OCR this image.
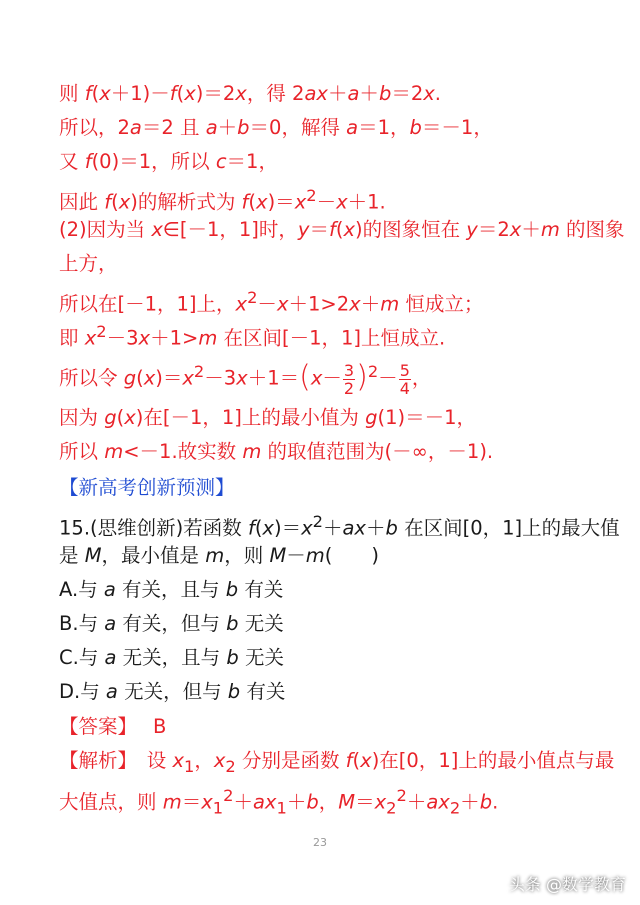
则 f(x＋1)－f(x)＝2x，得 2ax＋a＋b＝2x.
所以，2a＝2 且 a＋b＝0，解得 a＝1，b＝－1，
又 f(0)＝1，所以 c＝1，
因此 f(x)的解析式为 $f(x)=x^2-x+1$.
(2)因为当 x∈[－1，1]时，y＝f(x)的图象恒在 y＝2x＋m 的图象
上方，
所以在[－1，1]上，$x^2-x+1>2x+m$ 恒成立；
即 $x^2-3x+1>m$ 在区间[－1，1]上恒成立.
所以令 $g(x)=x^2-3x+1=(x- \frac{3}{2} )^2- \frac{5}{4}$ ，
因为 g(x)在[－1，1]上的最小值为 g(1)＝－1，
所以 m<－1.故实数 m 的取值范围为(－∞，－1).
【新高考创新预测】
15.(思维创新)若函数 $f(x)=x^2+ax+b$ 在区间[0，1]上的最大值
是 M，最小值是 m，则 M－m(　　)
A.与 a 有关，且与 b 有关
B.与 a 有关，但与 b 无关
C.与 a 无关，且与 b 无关
D.与 a 无关，但与 b 有关
【答案】　 B
【解析】　设 $x_1$，$x_2$ 分别是函数 f(x)在[0，1]上的最小值点与最
大值点，则 $m=x_1^2+ax_1+b$，$M=x_2^2+ax_2+b$.
23
头条 @数学教育
